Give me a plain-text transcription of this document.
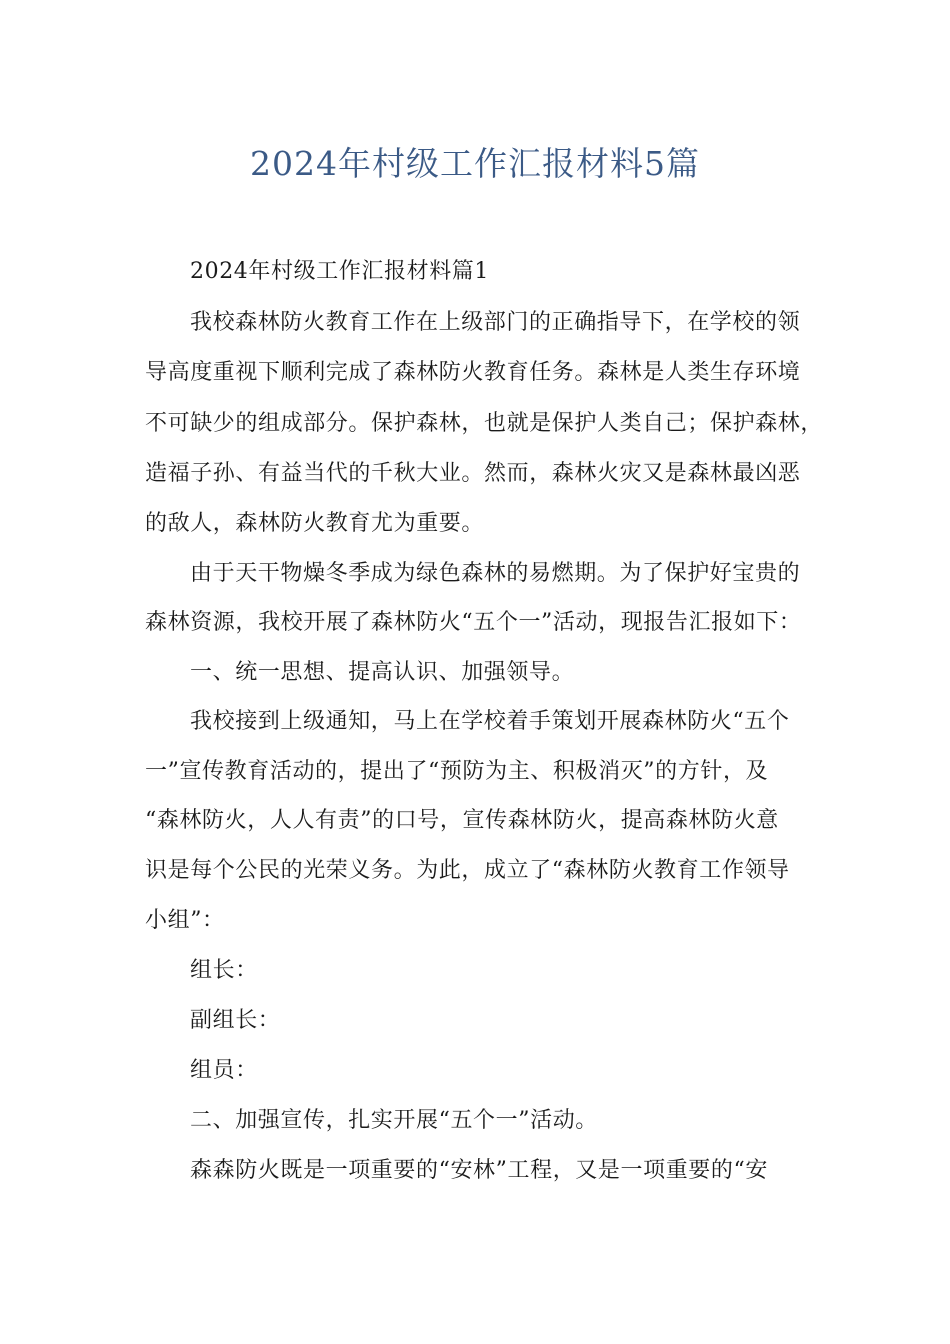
2024年村级工作汇报材料5篇
2024年村级工作汇报材料篇1
我校森林防火教育工作在上级部门的正确指导下，在学校的领
导高度重视下顺利完成了森林防火教育任务。森林是人类生存环境
不可缺少的组成部分。保护森林，也就是保护人类自己；保护森林，
造福子孙、有益当代的千秋大业。然而，森林火灾又是森林最凶恶
的敌人，森林防火教育尤为重要。
由于天干物燥冬季成为绿色森林的易燃期。为了保护好宝贵的
森林资源，我校开展了森林防火“五个一”活动，现报告汇报如下：
一、统一思想、提高认识、加强领导。
我校接到上级通知，马上在学校着手策划开展森林防火“五个
一”宣传教育活动的，提出了“预防为主、积极消灭”的方针，及
“森林防火，人人有责”的口号，宣传森林防火，提高森林防火意
识是每个公民的光荣义务。为此，成立了“森林防火教育工作领导
小组”：
组长：
副组长：
组员：
二、加强宣传，扎实开展“五个一”活动。
森森防火既是一项重要的“安林”工程，又是一项重要的“安
